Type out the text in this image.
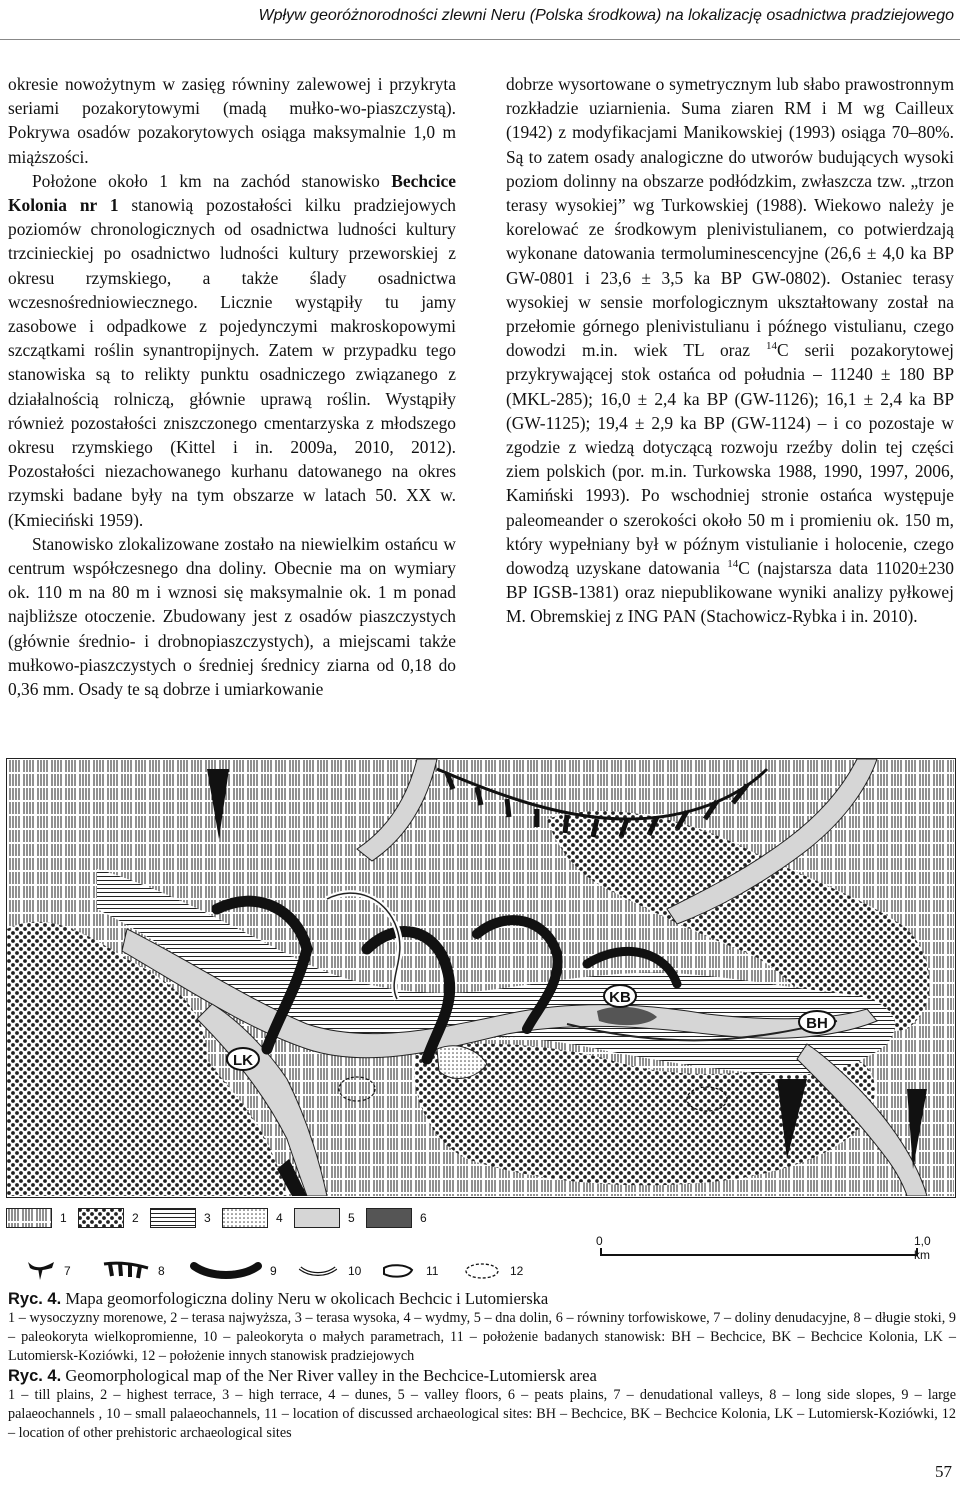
Wpływ georóżnorodności zlewni Neru (Polska środkowa) na lokalizację osadnictwa pradziejowego

okresie nowożytnym w zasięg równiny zalewowej i przykryta seriami pozakorytowymi (madą mułko-wo-piaszczystą). Pokrywa osadów pozakorytowych osiąga maksymalnie 1,0 m miąższości.

Położone około 1 km na zachód stanowisko Bechcice Kolonia nr 1 stanowią pozostałości kilku pradziejowych poziomów chronologicznych od osadnictwa ludności kultury trzcinieckiej po osadnictwo ludności kultury przeworskiej z okresu rzymskiego, a także ślady osadnictwa wczesnośredniowiecznego. Licznie wystąpiły tu jamy zasobowe i odpadkowe z pojedynczymi makroskopowymi szczątkami roślin synantropijnych. Zatem w przypadku tego stanowiska są to relikty punktu osadniczego związanego z działalnością rolniczą, głównie uprawą roślin. Wystąpiły również pozostałości zniszczonego cmentarzyska z młodszego okresu rzymskiego (Kittel i in. 2009a, 2010, 2012). Pozostałości niezachowanego kurhanu datowanego na okres rzymski badane były na tym obszarze w latach 50. XX w. (Kmieciński 1959).

Stanowisko zlokalizowane zostało na niewielkim ostańcu w centrum współczesnego dna doliny. Obecnie ma on wymiary ok. 110 m na 80 m i wznosi się maksymalnie ok. 1 m ponad najbliższe otoczenie. Zbudowany jest z osadów piaszczystych (głównie średnio- i drobnopiaszczystych), a miejscami także mułkowo-piaszczystych o średniej średnicy ziarna od 0,18 do 0,36 mm. Osady te są dobrze i umiarkowanie

dobrze wysortowane o symetrycznym lub słabo prawostronnym rozkładzie uziarnienia. Suma ziaren RM i M wg Cailleux (1942) z modyfikacjami Manikowskiej (1993) osiąga 70–80%. Są to zatem osady analogiczne do utworów budujących wysoki poziom dolinny na obszarze podłódzkim, zwłaszcza tzw. „trzon terasy wysokiej” wg Turkowskiej (1988). Wiekowo należy je korelować ze środkowym plenivistulianem, co potwierdzają wykonane datowania termoluminescencyjne (26,6 ± 4,0 ka BP GW-0801 i 23,6 ± 3,5 ka BP GW-0802). Ostaniec terasy wysokiej w sensie morfologicznym ukształtowany został na przełomie górnego plenivistulianu i późnego vistulianu, czego dowodzi m.in. wiek TL oraz $^{14}$C serii pozakorytowej przykrywającej stok ostańca od południa – 11240 ± 180 BP (MKL-285); 16,0 ± 2,4 ka BP (GW-1126); 16,1 ± 2,4 ka BP (GW-1125); 19,4 ± 2,9 ka BP (GW-1124) – i co pozostaje w zgodzie z wiedzą dotyczącą rozwoju rzeźby dolin tej części ziem polskich (por. m.in. Turkowska 1988, 1990, 1997, 2006, Kamiński 1993). Po wschodniej stronie ostańca występuje paleomeander o szerokości około 50 m i promieniu ok. 150 m, który wypełniany był w późnym vistulianie i holocenie, czego dowodzą uzyskane datowania $^{14}$C (najstarsza data 11020±230 BP IGSB-1381) oraz niepublikowane wyniki analizy pyłkowej M. Obremskiej z ING PAN (Stachowicz-Rybka i in. 2010).

LK
KB
BH
1	2	3	4	5	6
7	8	9	10	11	12
0	1,0 km
Ryc. 4. Mapa geomorfologiczna doliny Neru w okolicach Bechcic i Lutomierska
1 – wysoczyzny morenowe, 2 – terasa najwyższa, 3 – terasa wysoka, 4 – wydmy, 5 – dna dolin, 6 – równiny torfowiskowe, 7 – doliny denudacyjne, 8 – długie stoki, 9 – paleokoryta wielkopromienne, 10 – paleokoryta o małych parametrach, 11 – położenie badanych stanowisk: BH – Bechcice, BK – Bechcice Kolonia, LK – Lutomiersk-Koziówki, 12 – położenie innych stanowisk pradziejowych
Ryc. 4. Geomorphological map of the Ner River valley in the Bechcice-Lutomiersk area
1 – till plains, 2 – highest terrace, 3 – high terrace, 4 – dunes, 5 – valley floors, 6 – peats plains, 7 – denudational valleys, 8 – long side slopes, 9 – large palaeochannels , 10 – small palaeochannels, 11 – location of discussed archaeological sites: BH – Bechcice, BK – Bechcice Kolonia, LK – Lutomiersk-Koziówki, 12 – location of other prehistoric archaeological sites
57
